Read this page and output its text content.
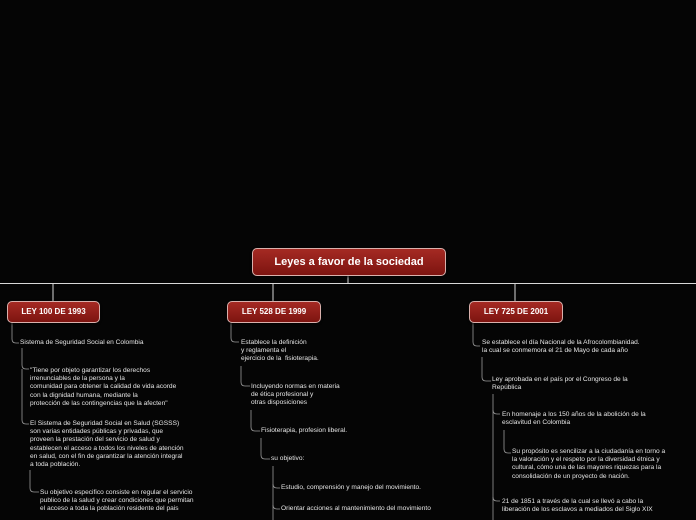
Leyes a favor de la sociedad
LEY 100 DE 1993	LEY 528 DE 1999	LEY 725 DE 2001
Sistema de Seguridad Social en Colombia
"Tiene por objeto garantizar los derechos
irrenunciables de la persona y la
comunidad para obtener la calidad de vida acorde
con la dignidad humana, mediante la
protección de las contingencias que la afecten"
El Sistema de Seguridad Social en Salud (SGSSS)
son varias entidades públicas y privadas, que
proveen la prestación del servicio de salud y
establecen el acceso a todos los niveles de atención
en salud, con el fin de garantizar la atención integral
a toda población.
Su objetivo especifico consiste en regular el servicio
publico de la salud y crear condiciones que permitan
el acceso a toda la población residente del pais
Establece la definición
y reglamenta el
ejercicio de la  fisioterapia.
Incluyendo normas en materia
de ética profesional y
otras disposiciones
Fisioterapia, profesion liberal.
su objetivo:
Estudio, comprensión y manejo del movimiento.
Orientar acciones al mantenimiento del movimiento
Se establece el día Nacional de la Afrocolombianidad.
la cual se conmemora el 21 de Mayo de cada año
Ley aprobada en el país por el Congreso de la
República
En homenaje a los 150 años de la abolición de la
esclavitud en Colombia
Su propósito es sencilizar a la ciudadanía en torno a
la valoración y el respeto por la diversidad étnica y
cultural, cómo una de las mayores riquezas para la
consolidación de un proyecto de nación.
21 de 1851 a través de la cual se llevó a cabo la
liberación de los esclavos a mediados del Siglo XIX
